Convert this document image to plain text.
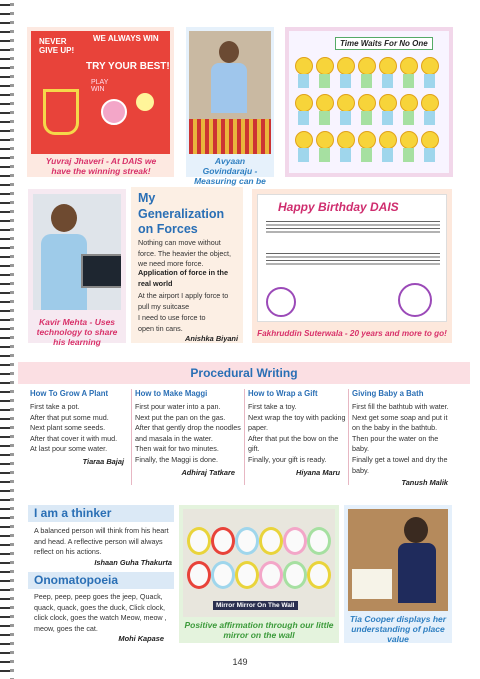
NEVER GIVE UP!
WE ALWAYS WIN
TRY YOUR BEST!
PLAY WIN
Yuvraj Jhaveri - At DAIS we have the winning streak!
Avyaan Govindaraju - Measuring can be
Time Waits For No One
Kavir Mehta - Uses technology to share his learning
My Generalization on Forces
Nothing can move without force. The heavier the object, we need more force.
Application of force in the real world
At the airport I apply force to pull my suitcase
I need to use force to open tin cans.
Anishka Biyani
Happy Birthday DAIS
Fakhruddin Suterwala - 20 years and more to go!
Procedural Writing
How To Grow A Plant
First take a pot.
After that put some mud.
Next plant some seeds.
After that cover it with mud.
At last pour some water.
Tiaraa Bajaj
How to Make Maggi
First pour water into a pan.
Next put the pan on the gas.
After that gently drop the noodles and masala in the water.
Then wait for two minutes.
Finally, the Maggi is done.
Adhiraj Tatkare
How to Wrap a Gift
First take a toy.
Next wrap the toy with packing paper.
After that put the bow on the gift.
Finally, your gift is ready.
Hiyana Maru
Giving Baby a Bath
First fill the bathtub with water.
Next get some soap and put it on the baby in the bathtub.
Then pour the water on the baby.
Finally get a towel and dry the baby.
Tanush Malik
I am a thinker
A balanced person will think from his heart and head. A reflective person will always reflect on his actions.
Ishaan Guha Thakurta
Onomatopoeia
Peep, peep, peep goes the jeep, Quack, quack, quack, goes the duck, Click clock, click clock, goes the watch Meow, meow , meow, goes the cat.
Mohi Kapase
Mirror Mirror On The Wall
Positive affirmation through our little mirror on the wall
Tia Cooper displays her understanding of place value
149
